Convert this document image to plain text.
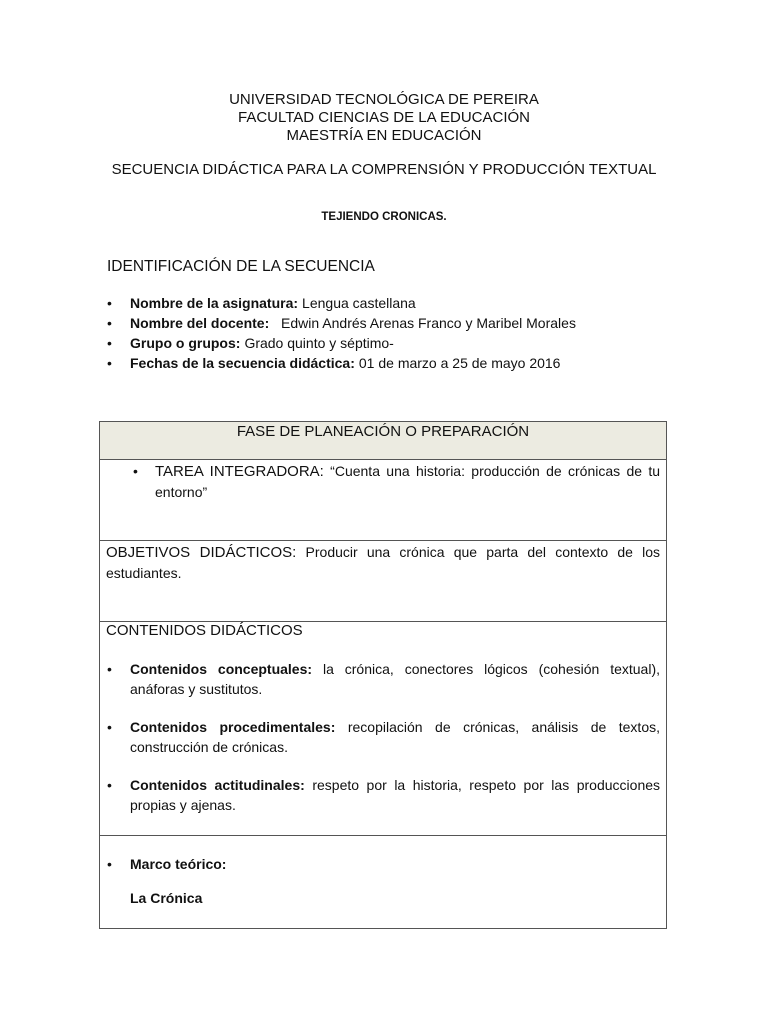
UNIVERSIDAD TECNOLÓGICA DE PEREIRA
FACULTAD CIENCIAS DE LA EDUCACIÓN
MAESTRÍA EN EDUCACIÓN
SECUENCIA DIDÁCTICA PARA LA COMPRENSIÓN Y PRODUCCIÓN TEXTUAL
TEJIENDO CRONICAS.
IDENTIFICACIÓN DE LA SECUENCIA
• Nombre de la asignatura: Lengua castellana
• Nombre del docente:  Edwin Andrés Arenas Franco y Maribel Morales
• Grupo o grupos: Grado quinto y séptimo-
• Fechas de la secuencia didáctica: 01 de marzo a 25 de mayo 2016
FASE DE PLANEACIÓN O PREPARACIÓN

•	TAREA INTEGRADORA: “Cuenta una historia: producción de crónicas de tu entorno”

OBJETIVOS DIDÁCTICOS: Producir una crónica que parta del contexto de los estudiantes.

CONTENIDOS DIDÁCTICOS
• Contenidos conceptuales: la crónica, conectores lógicos (cohesión textual), anáforas y sustitutos.
• Contenidos procedimentales: recopilación de crónicas, análisis de textos, construcción de crónicas.
• Contenidos actitudinales: respeto por la historia, respeto por las producciones propias y ajenas.

• Marco teórico:
La Crónica
